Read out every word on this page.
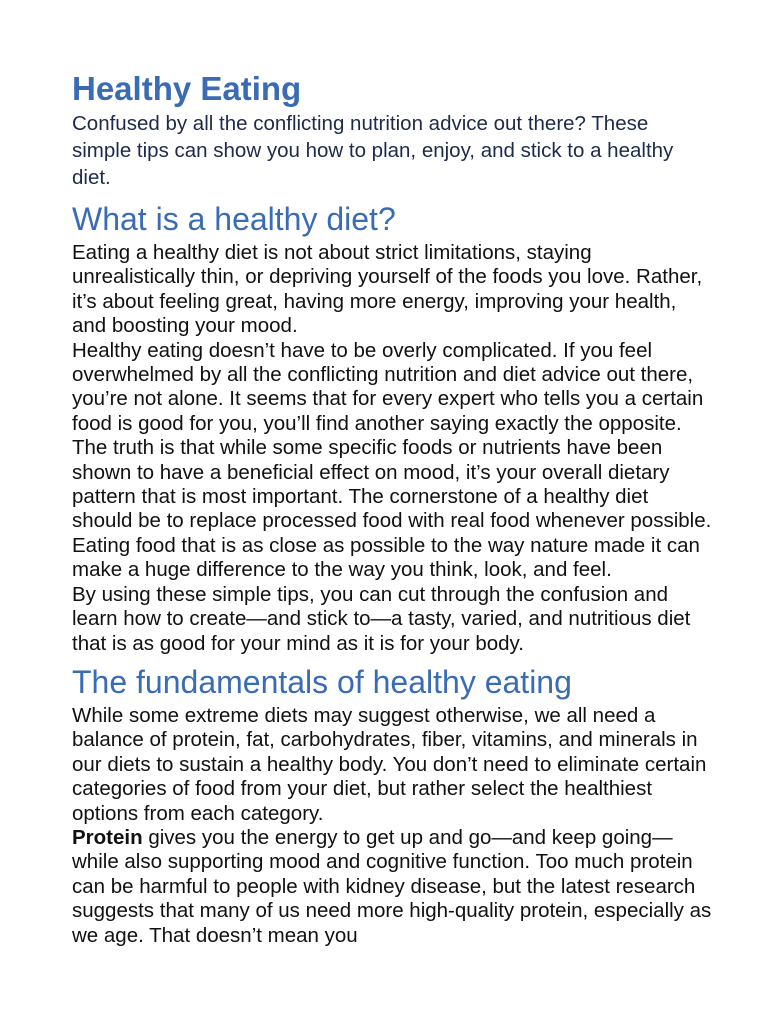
Healthy Eating

Confused by all the conflicting nutrition advice out there? These simple tips can show you how to plan, enjoy, and stick to a healthy diet.

What is a healthy diet?

Eating a healthy diet is not about strict limitations, staying unrealistically thin, or depriving yourself of the foods you love. Rather, it’s about feeling great, having more energy, improving your health, and boosting your mood.

Healthy eating doesn’t have to be overly complicated. If you feel overwhelmed by all the conflicting nutrition and diet advice out there, you’re not alone. It seems that for every expert who tells you a certain food is good for you, you’ll find another saying exactly the opposite. The truth is that while some specific foods or nutrients have been shown to have a beneficial effect on mood, it’s your overall dietary pattern that is most important. The cornerstone of a healthy diet should be to replace processed food with real food whenever possible. Eating food that is as close as possible to the way nature made it can make a huge difference to the way you think, look, and feel.

By using these simple tips, you can cut through the confusion and learn how to create—and stick to—a tasty, varied, and nutritious diet that is as good for your mind as it is for your body.

The fundamentals of healthy eating

While some extreme diets may suggest otherwise, we all need a balance of protein, fat, carbohydrates, fiber, vitamins, and minerals in our diets to sustain a healthy body. You don’t need to eliminate certain categories of food from your diet, but rather select the healthiest options from each category.

Protein gives you the energy to get up and go—and keep going—while also supporting mood and cognitive function. Too much protein can be harmful to people with kidney disease, but the latest research suggests that many of us need more high-quality protein, especially as we age. That doesn’t mean you
